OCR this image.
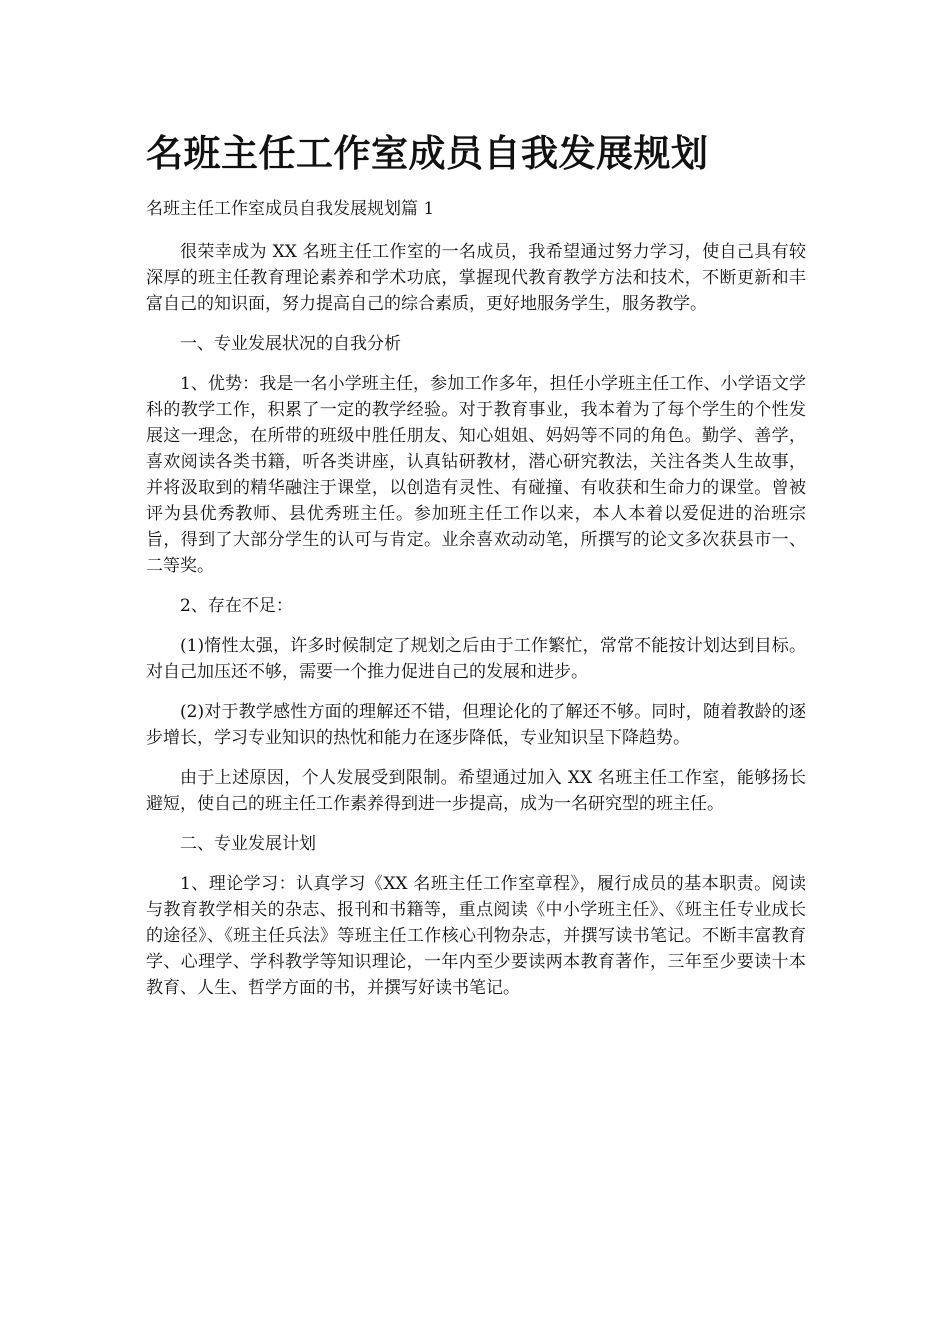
名班主任工作室成员自我发展规划
名班主任工作室成员自我发展规划篇 1

很荣幸成为 XX 名班主任工作室的一名成员，我希望通过努力学习，使自己具有较深厚的班主任教育理论素养和学术功底，掌握现代教育教学方法和技术，不断更新和丰富自己的知识面，努力提高自己的综合素质，更好地服务学生，服务教学。

一、专业发展状况的自我分析

1、优势：我是一名小学班主任，参加工作多年，担任小学班主任工作、小学语文学科的教学工作，积累了一定的教学经验。对于教育事业，我本着为了每个学生的个性发展这一理念，在所带的班级中胜任朋友、知心姐姐、妈妈等不同的角色。勤学、善学，喜欢阅读各类书籍，听各类讲座，认真钻研教材，潜心研究教法，关注各类人生故事，并将汲取到的精华融注于课堂，以创造有灵性、有碰撞、有收获和生命力的课堂。曾被评为县优秀教师、县优秀班主任。参加班主任工作以来，本人本着以爱促进的治班宗旨，得到了大部分学生的认可与肯定。业余喜欢动动笔，所撰写的论文多次获县市一、二等奖。

2、存在不足：

(1)惰性太强，许多时候制定了规划之后由于工作繁忙，常常不能按计划达到目标。对自己加压还不够，需要一个推力促进自己的发展和进步。

(2)对于教学感性方面的理解还不错，但理论化的了解还不够。同时，随着教龄的逐步增长，学习专业知识的热忱和能力在逐步降低，专业知识呈下降趋势。

由于上述原因，个人发展受到限制。希望通过加入 XX 名班主任工作室，能够扬长避短，使自己的班主任工作素养得到进一步提高，成为一名研究型的班主任。

二、专业发展计划

1、理论学习：认真学习《XX 名班主任工作室章程》，履行成员的基本职责。阅读与教育教学相关的杂志、报刊和书籍等，重点阅读《中小学班主任》、《班主任专业成长的途径》、《班主任兵法》等班主任工作核心刊物杂志，并撰写读书笔记。不断丰富教育学、心理学、学科教学等知识理论，一年内至少要读两本教育著作，三年至少要读十本教育、人生、哲学方面的书，并撰写好读书笔记。
